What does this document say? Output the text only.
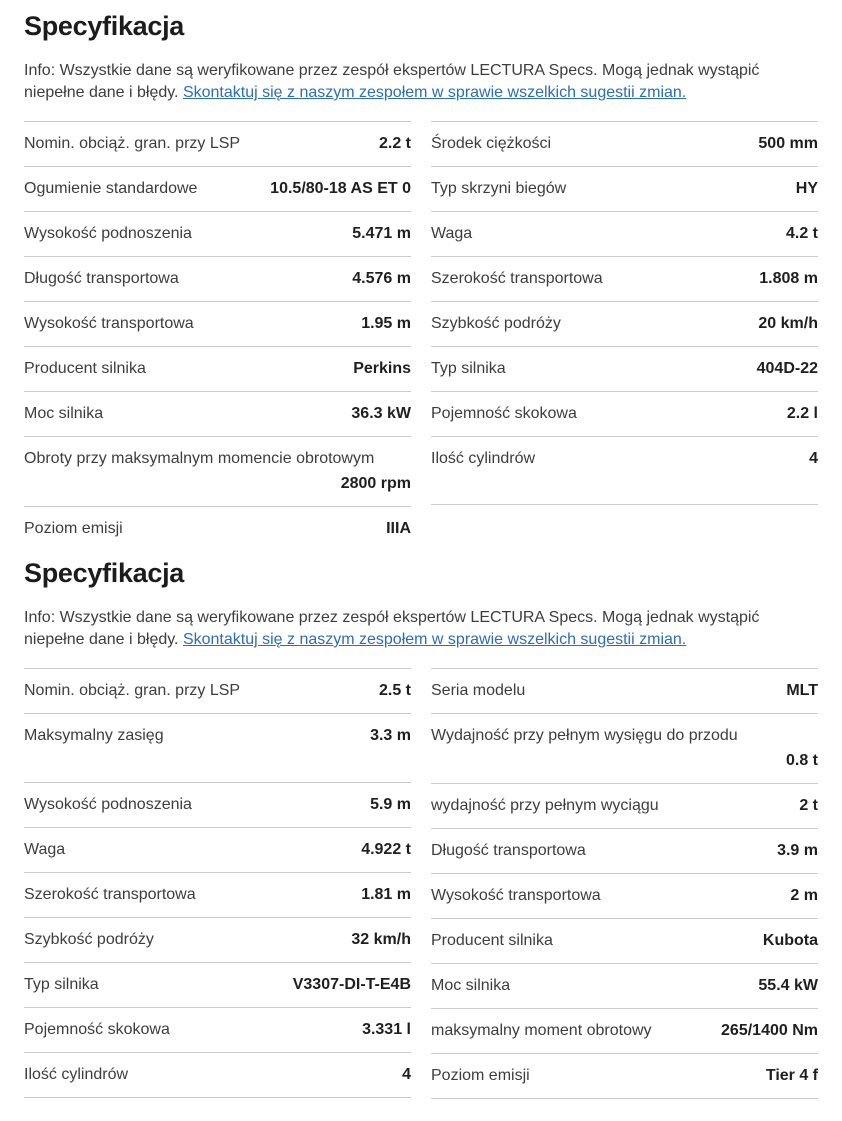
Specyfikacja

Info: Wszystkie dane są weryfikowane przez zespół ekspertów LECTURA Specs. Mogą jednak wystąpić niepełne dane i błędy. Skontaktuj się z naszym zespołem w sprawie wszelkich sugestii zmian.

Nomin. obciąż. gran. przy LSP	2.2 t
Ogumienie standardowe	10.5/80-18 AS ET 0
Wysokość podnoszenia	5.471 m
Długość transportowa	4.576 m
Wysokość transportowa	1.95 m
Producent silnika	Perkins
Moc silnika	36.3 kW
Obroty przy maksymalnym momencie obrotowym
2800 rpm
Poziom emisji	IIIA
Środek ciężkości	500 mm
Typ skrzyni biegów	HY
Waga	4.2 t
Szerokość transportowa	1.808 m
Szybkość podróży	20 km/h
Typ silnika	404D-22
Pojemność skokowa	2.2 l
Ilość cylindrów	4
Specyfikacja

Info: Wszystkie dane są weryfikowane przez zespół ekspertów LECTURA Specs. Mogą jednak wystąpić niepełne dane i błędy. Skontaktuj się z naszym zespołem w sprawie wszelkich sugestii zmian.

Nomin. obciąż. gran. przy LSP	2.5 t
Maksymalny zasięg	3.3 m
Wysokość podnoszenia	5.9 m
Waga	4.922 t
Szerokość transportowa	1.81 m
Szybkość podróży	32 km/h
Typ silnika	V3307-DI-T-E4B
Pojemność skokowa	3.331 l
Ilość cylindrów	4
Seria modelu	MLT
Wydajność przy pełnym wysięgu do przodu
0.8 t
wydajność przy pełnym wyciągu	2 t
Długość transportowa	3.9 m
Wysokość transportowa	2 m
Producent silnika	Kubota
Moc silnika	55.4 kW
maksymalny moment obrotowy	265/1400 Nm
Poziom emisji	Tier 4 f
